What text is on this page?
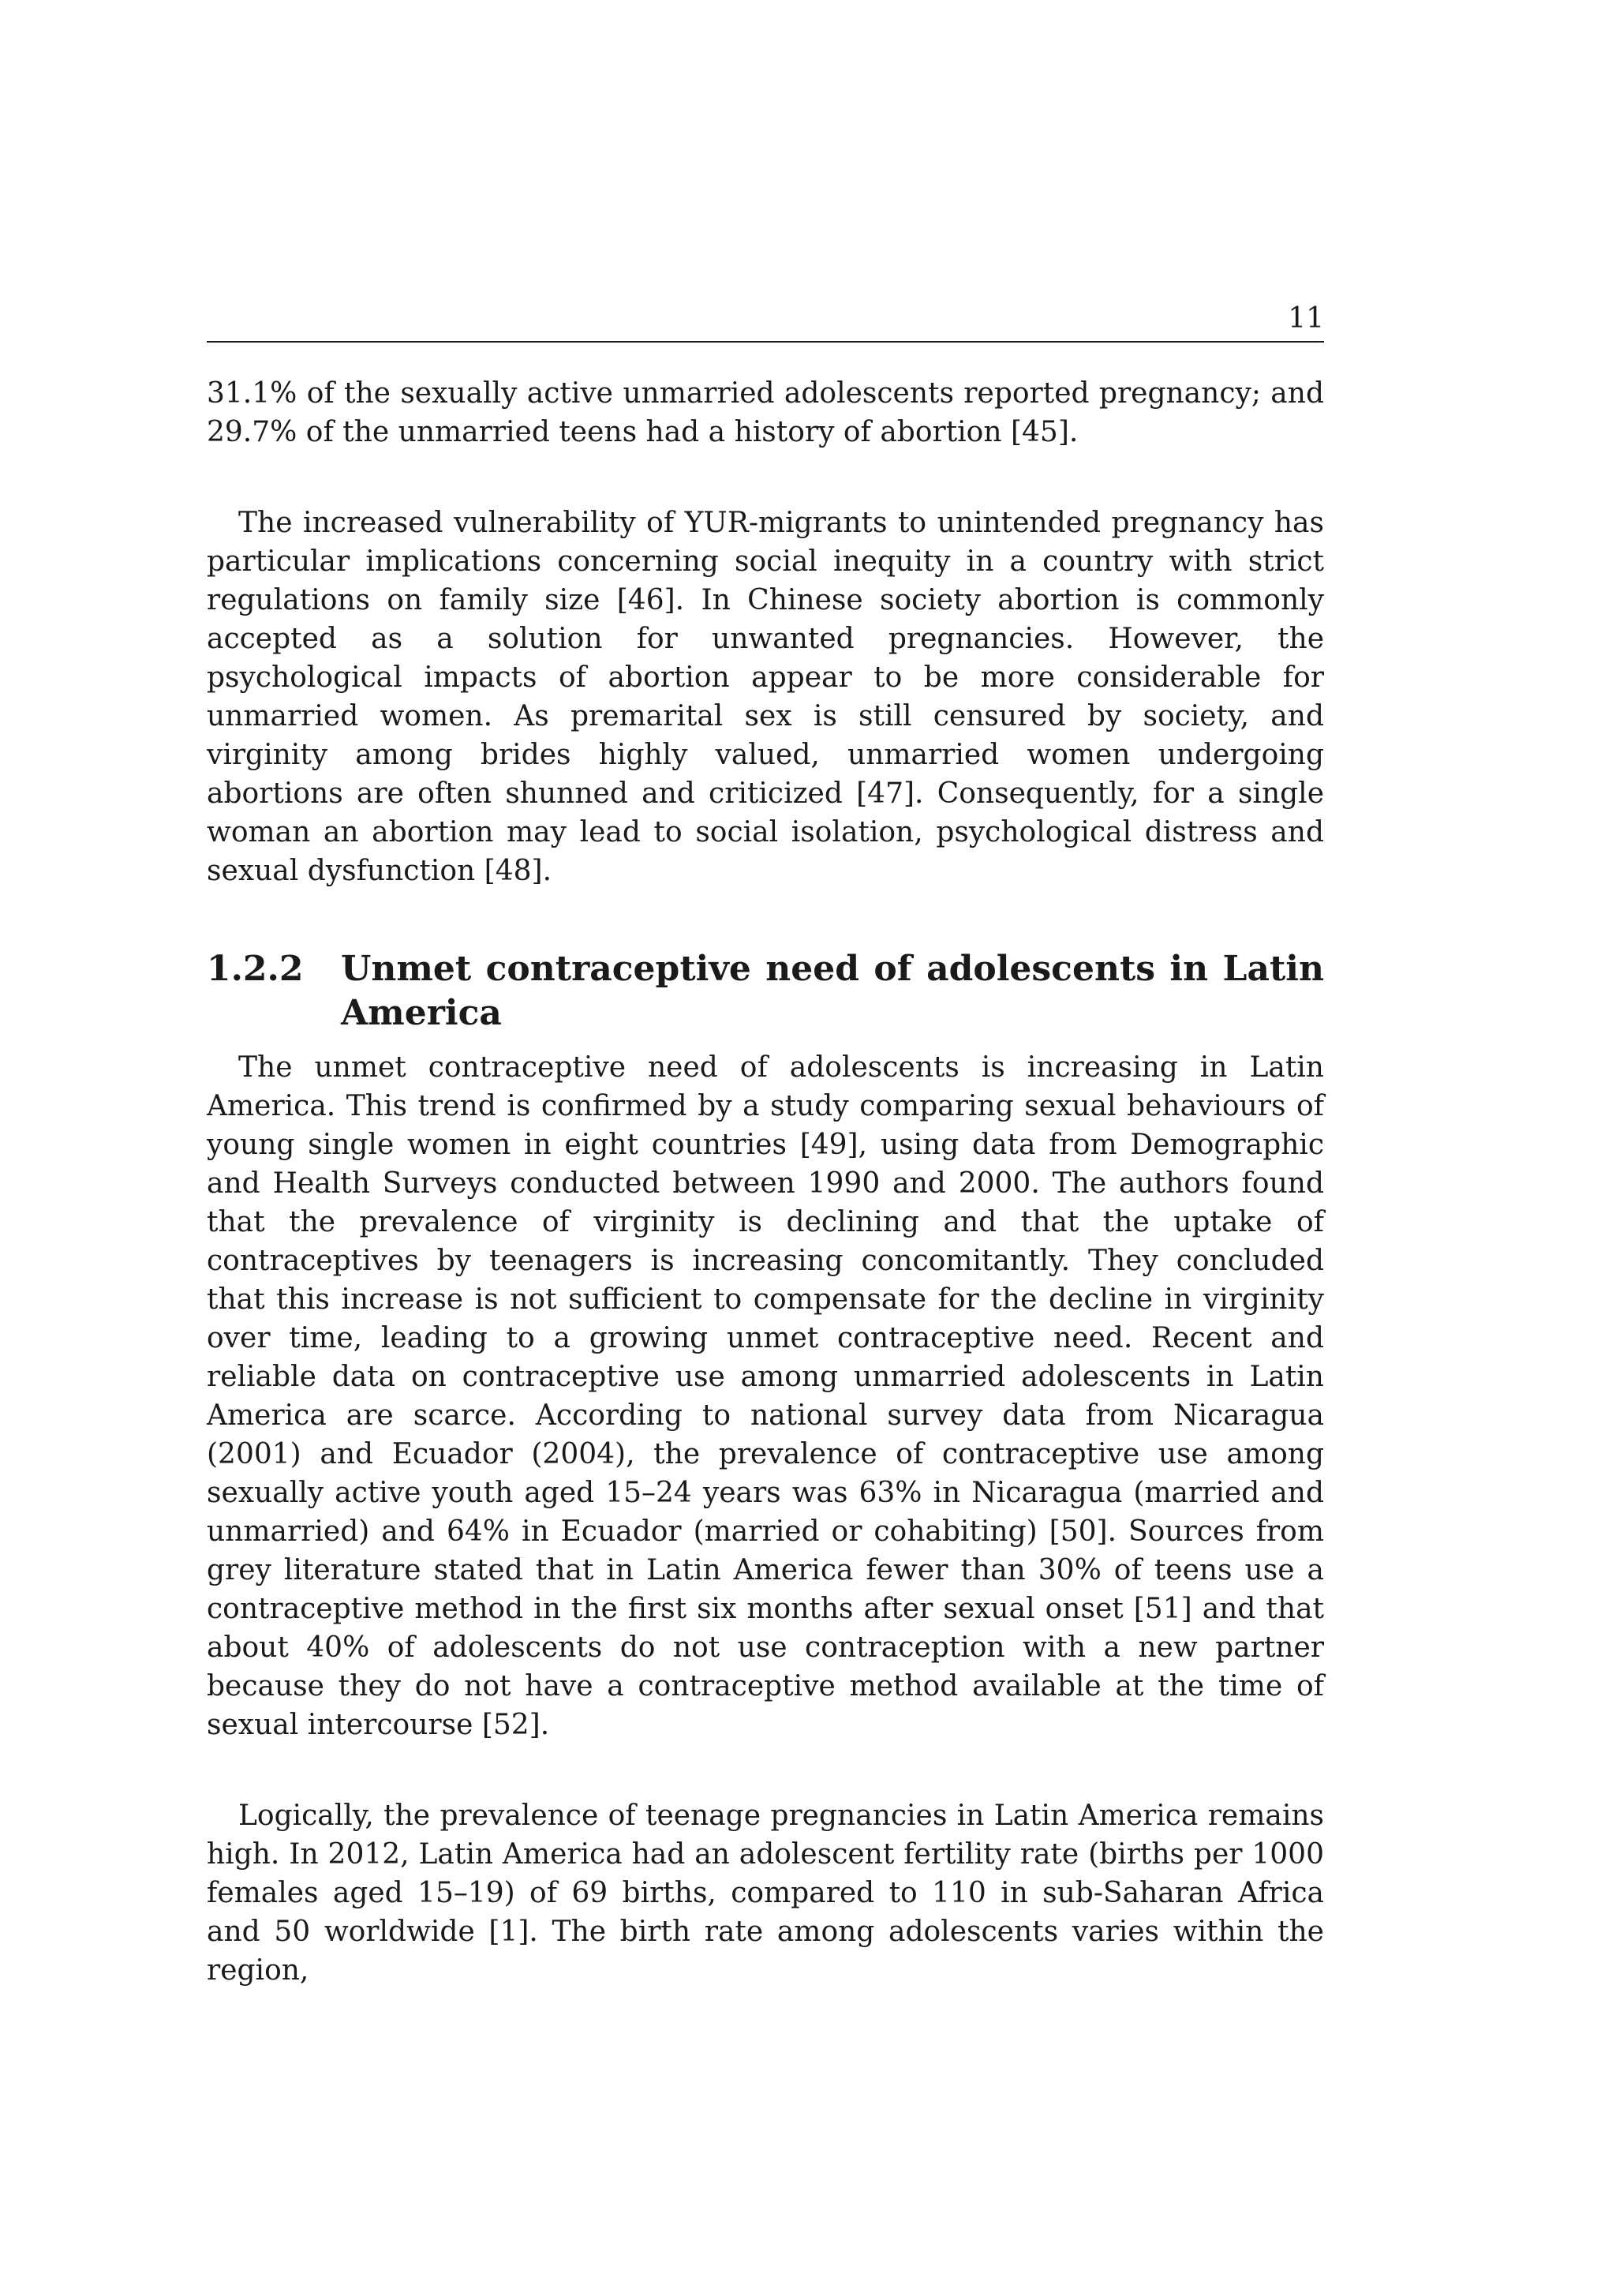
11

31.1% of the sexually active unmarried adolescents reported pregnancy; and 29.7% of the unmarried teens had a history of abortion [45].

The increased vulnerability of YUR-migrants to unintended pregnancy has particular implications concerning social inequity in a country with strict regulations on family size [46]. In Chinese society abortion is commonly accepted as a solution for unwanted pregnancies. However, the psychological impacts of abortion appear to be more considerable for unmarried women. As premarital sex is still censured by society, and virginity among brides highly valued, unmarried women undergoing abortions are often shunned and criticized [47]. Consequently, for a single woman an abortion may lead to social isolation, psychological distress and sexual dysfunction [48].

1.2.2	Unmet contraceptive need of adolescents in Latin America

The unmet contraceptive need of adolescents is increasing in Latin America. This trend is confirmed by a study comparing sexual behaviours of young single women in eight countries [49], using data from Demographic and Health Surveys conducted between 1990 and 2000. The authors found that the prevalence of virginity is declining and that the uptake of contraceptives by teenagers is increasing concomitantly. They concluded that this increase is not sufficient to compensate for the decline in virginity over time, leading to a growing unmet contraceptive need. Recent and reliable data on contraceptive use among unmarried adolescents in Latin America are scarce. According to national survey data from Nicaragua (2001) and Ecuador (2004), the prevalence of contraceptive use among sexually active youth aged 15–24 years was 63% in Nicaragua (married and unmarried) and 64% in Ecuador (married or cohabiting) [50]. Sources from grey literature stated that in Latin America fewer than 30% of teens use a contraceptive method in the first six months after sexual onset [51] and that about 40% of adolescents do not use contraception with a new partner because they do not have a contraceptive method available at the time of sexual intercourse [52].

Logically, the prevalence of teenage pregnancies in Latin America remains high. In 2012, Latin America had an adolescent fertility rate (births per 1000 females aged 15–19) of 69 births, compared to 110 in sub-Saharan Africa and 50 worldwide [1]. The birth rate among adolescents varies within the region,
